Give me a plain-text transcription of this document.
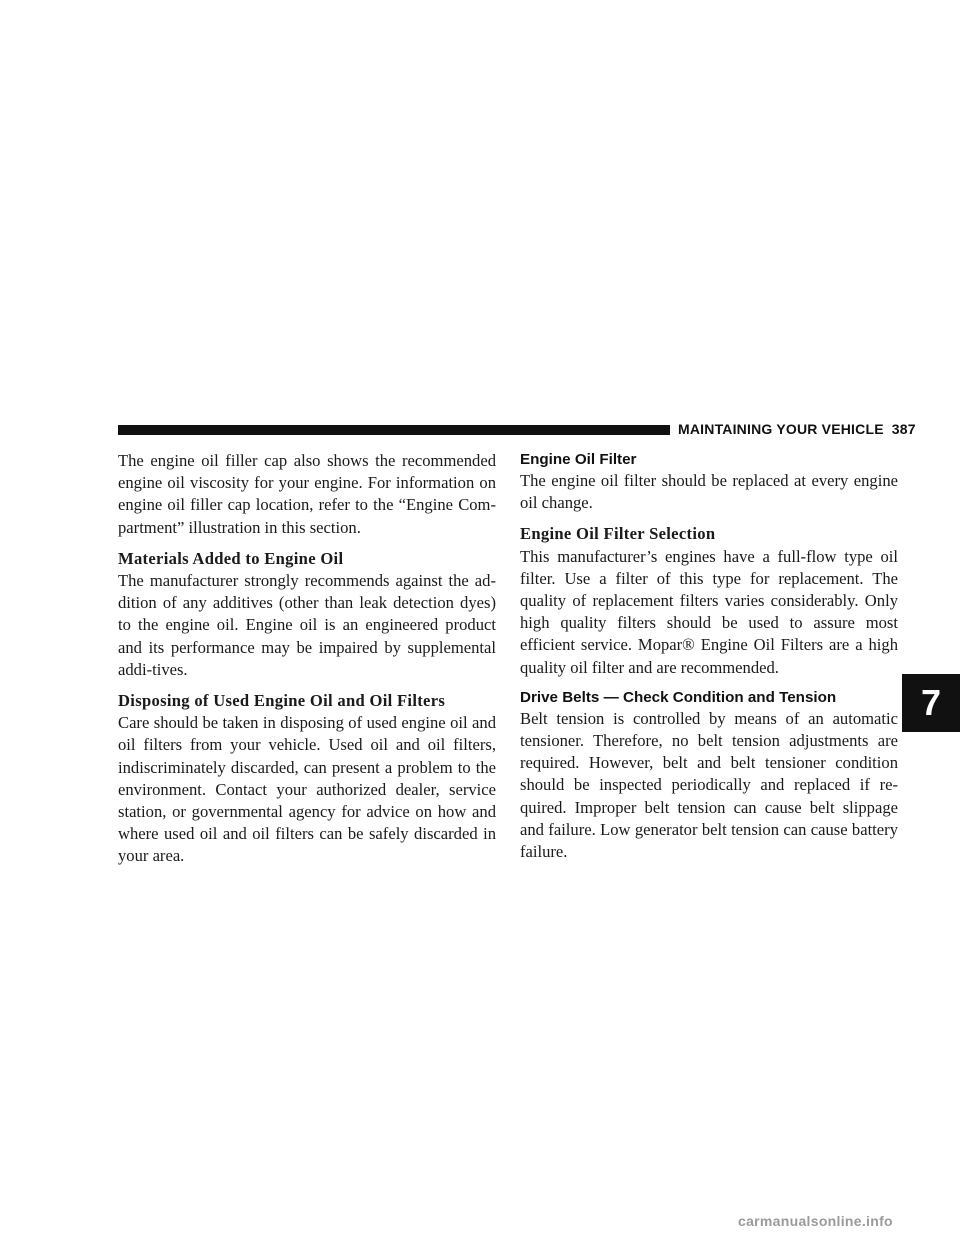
MAINTAINING YOUR VEHICLE 387

The engine oil filler cap also shows the recommended engine oil viscosity for your engine. For information on engine oil filler cap location, refer to the “Engine Com-partment” illustration in this section.

Materials Added to Engine Oil

The manufacturer strongly recommends against the ad-dition of any additives (other than leak detection dyes) to the engine oil. Engine oil is an engineered product and its performance may be impaired by supplemental addi-tives.

Disposing of Used Engine Oil and Oil Filters

Care should be taken in disposing of used engine oil and oil filters from your vehicle. Used oil and oil filters, indiscriminately discarded, can present a problem to the environment. Contact your authorized dealer, service station, or governmental agency for advice on how and where used oil and oil filters can be safely discarded in your area.

Engine Oil Filter

The engine oil filter should be replaced at every engine oil change.

Engine Oil Filter Selection

This manufacturer’s engines have a full-flow type oil filter. Use a filter of this type for replacement. The quality of replacement filters varies considerably. Only high quality filters should be used to assure most efficient service. Mopar® Engine Oil Filters are a high quality oil filter and are recommended.

Drive Belts — Check Condition and Tension

Belt tension is controlled by means of an automatic tensioner. Therefore, no belt tension adjustments are required. However, belt and belt tensioner condition should be inspected periodically and replaced if re-quired. Improper belt tension can cause belt slippage and failure. Low generator belt tension can cause battery failure.

7
carmanualsonline.info
